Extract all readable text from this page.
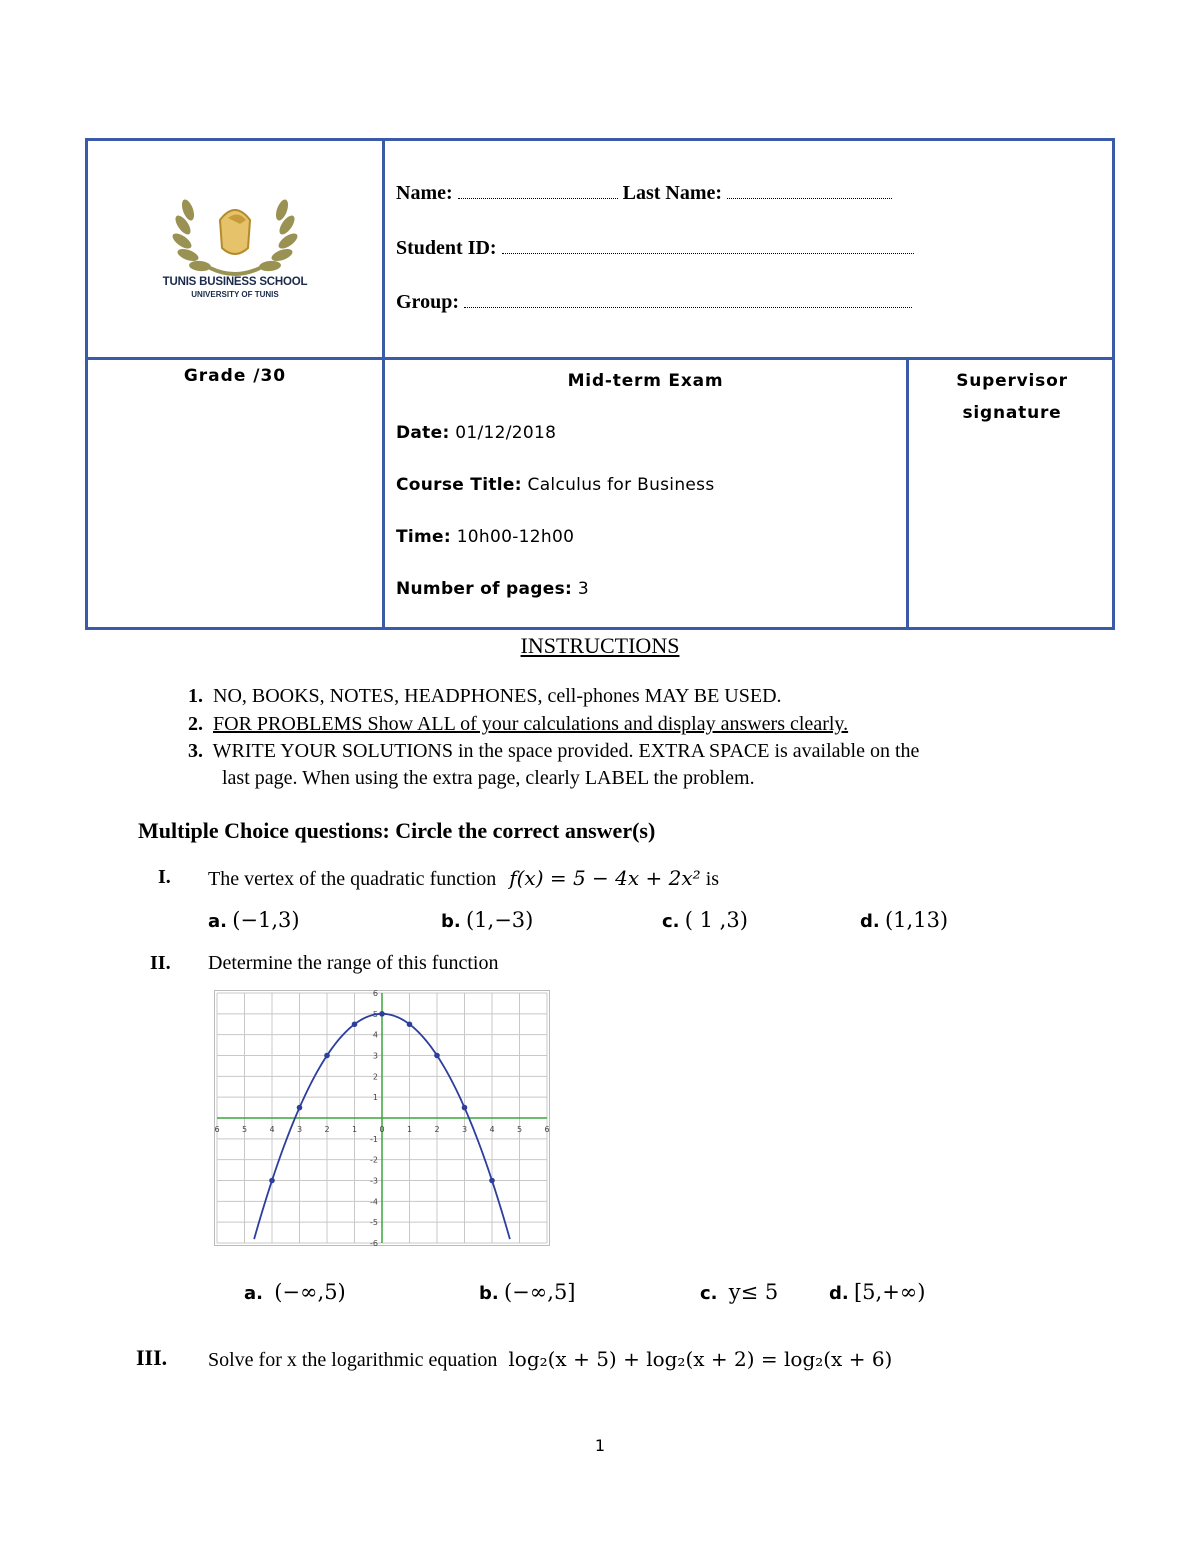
TUNIS BUSINESS SCHOOL
UNIVERSITY OF TUNIS
Name:	Last Name:
Student ID:
Group:
Grade /30	Mid-term Exam
Date: 01/12/2018
Course Title: Calculus for Business
Time: 10h00-12h00
Number of pages: 3
Supervisor
signature
INSTRUCTIONS
1. NO, BOOKS, NOTES, HEADPHONES, cell-phones MAY BE USED.
2. FOR PROBLEMS Show ALL of your calculations and display answers clearly.
3. WRITE YOUR SOLUTIONS in the space provided. EXTRA SPACE is available on the
last page. When using the extra page, clearly LABEL the problem.
Multiple Choice questions: Circle the correct answer(s)
I. The vertex of the quadratic function f(x) = 5 − 4x + 2x² is
a. (−1,3)	b. (1,−3)	c. ( 1 ,3)	d. (1,13)
II. Determine the range of this function
6	5	4	3	2	1	0	1	2	3	4	5	6
6
5
4
3
2
1
-1
-2
-3
-4
-5
-6
a. (−∞,5)	b. (−∞,5]	c. y≤ 5	d. [5,+∞)
III. Solve for x the logarithmic equation log₂(x + 5) + log₂(x + 2) = log₂(x + 6)
1
